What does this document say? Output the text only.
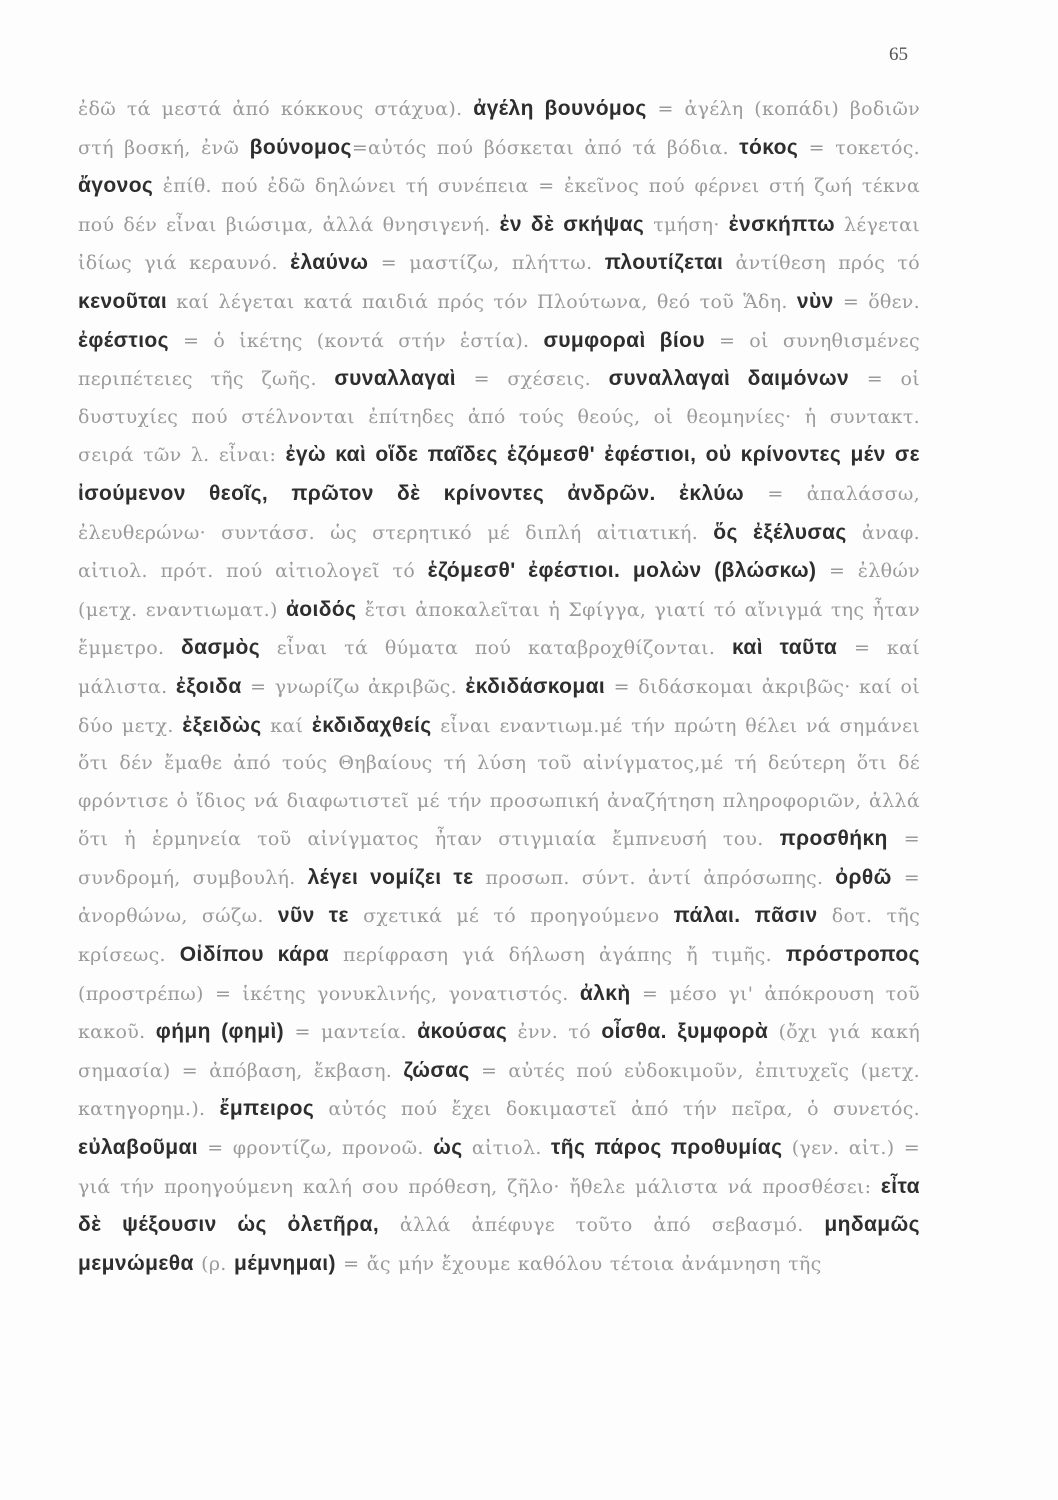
65
ἐδῶ τά μεστά ἀπό κόκκους στάχυα). ἀγέλη βουνόμος = ἀγέλη (κοπάδι) βοδιῶν στή βοσκή, ἐνῶ βούνομος=αὐτός πού βόσκεται ἀπό τά βόδια. τόκος = τοκετός. ἄγονος ἐπίθ. πού ἐδῶ δηλώνει τή συνέπεια = ἐκεῖνος πού φέρνει στή ζωή τέκνα πού δέν εἶναι βιώσιμα, ἀλλά θνησιγενή. ἐν δὲ σκήψας τμήση· ἐνσκήπτω λέγεται ἰδίως γιά κεραυνό. ἐλαύνω = μαστίζω, πλήττω. πλουτίζεται ἀντίθεση πρός τό κενοῦται καί λέγεται κατά παιδιά πρός τόν Πλούτωνα, θεό τοῦ Ἅδη. νὺν = ὅθεν. ἐφέστιος = ὁ ἱκέτης (κοντά στήν ἑστία). συμφοραὶ βίου = οἱ συνηθισμένες περιπέτειες τῆς ζωῆς. συναλλαγαὶ = σχέσεις. συναλλαγαὶ δαιμόνων = οἱ δυστυχίες πού στέλνονται ἐπίτηδες ἀπό τούς θεούς, οἱ θεομηνίες· ἡ συντακτ. σειρά τῶν λ. εἶναι: ἐγὼ καὶ οἵδε παῖδες ἑζόμεσθ' ἐφέστιοι, οὐ κρίνοντες μέν σε ἰσούμενον θεοῖς, πρῶτον δὲ κρίνοντες ἀνδρῶν. ἐκλύω = ἀπαλάσσω, ἐλευθερώνω· συντάσσ. ὡς στερητικό μέ διπλή αἰτιατική. ὅς ἐξέλυσας ἀναφ. αἰτιολ. πρότ. πού αἰτιολογεῖ τό ἑζόμεσθ' ἐφέστιοι. μολὼν (βλώσκω) = ἐλθών (μετχ. εναντιωματ.) ἀοιδός ἔτσι ἀποκαλεῖται ἡ Σφίγγα, γιατί τό αἴνιγμά της ἦταν ἔμμετρο. δασμὸς εἶναι τά θύματα πού καταβροχθίζονται. καὶ ταῦτα = καί μάλιστα. ἐξοιδα = γνωρίζω ἀκριβῶς. ἐκδιδάσκομαι = διδάσκομαι ἀκριβῶς· καί οἱ δύο μετχ. ἐξειδὼς καί ἐκδιδαχθείς εἶναι εναντιωμ.μέ τήν πρώτη θέλει νά σημάνει ὅτι δέν ἔμαθε ἀπό τούς Θηβαίους τή λύση τοῦ αἰνίγματος,μέ τή δεύτερη ὅτι δέ φρόντισε ὁ ἴδιος νά διαφωτιστεῖ μέ τήν προσωπική ἀναζήτηση πληροφοριῶν, ἀλλά ὅτι ἡ ἑρμηνεία τοῦ αἰνίγματος ἦταν στιγμιαία ἔμπνευσή του. προσθήκη = συνδρομή, συμβουλή. λέγει νομίζει τε προσωπ. σύντ. ἀντί ἀπρόσωπης. ὀρθῶ = ἀνορθώνω, σώζω. νῦν τε σχετικά μέ τό προηγούμενο πάλαι. πᾶσιν δοτ. τῆς κρίσεως. Οἰδίπου κάρα περίφραση γιά δήλωση ἀγάπης ἤ τιμῆς. πρόστροπος (προστρέπω) = ἱκέτης γονυκλινής, γονατιστός. ἀλκὴ = μέσο γι' ἀπόκρουση τοῦ κακοῦ. φήμη (φημὶ) = μαντεία. ἀκούσας ἐνν. τό οἶσθα. ξυμφορὰ (ὄχι γιά κακή σημασία) = ἀπόβαση, ἔκβαση. ζώσας = αὐτές πού εὐδοκιμοῦν, ἐπιτυχεῖς (μετχ. κατηγορημ.). ἔμπειρος αὐτός πού ἔχει δοκιμαστεῖ ἀπό τήν πεῖρα, ὁ συνετός. εὐλαβοῦμαι = φροντίζω, προνοῶ. ὡς αἰτιολ. τῆς πάρος προθυμίας (γεν. αἰτ.) = γιά τήν προηγούμενη καλή σου πρόθεση, ζῆλο· ἤθελε μάλιστα νά προσθέσει: εἶτα δὲ ψέξουσιν ὡς ὀλετῆρα, ἀλλά ἀπέφυγε τοῦτο ἀπό σεβασμό. μηδαμῶς μεμνώμεθα (ρ. μέμνημαι) = ἄς μήν ἔχουμε καθόλου τέτοια ἀνάμνηση τῆς
